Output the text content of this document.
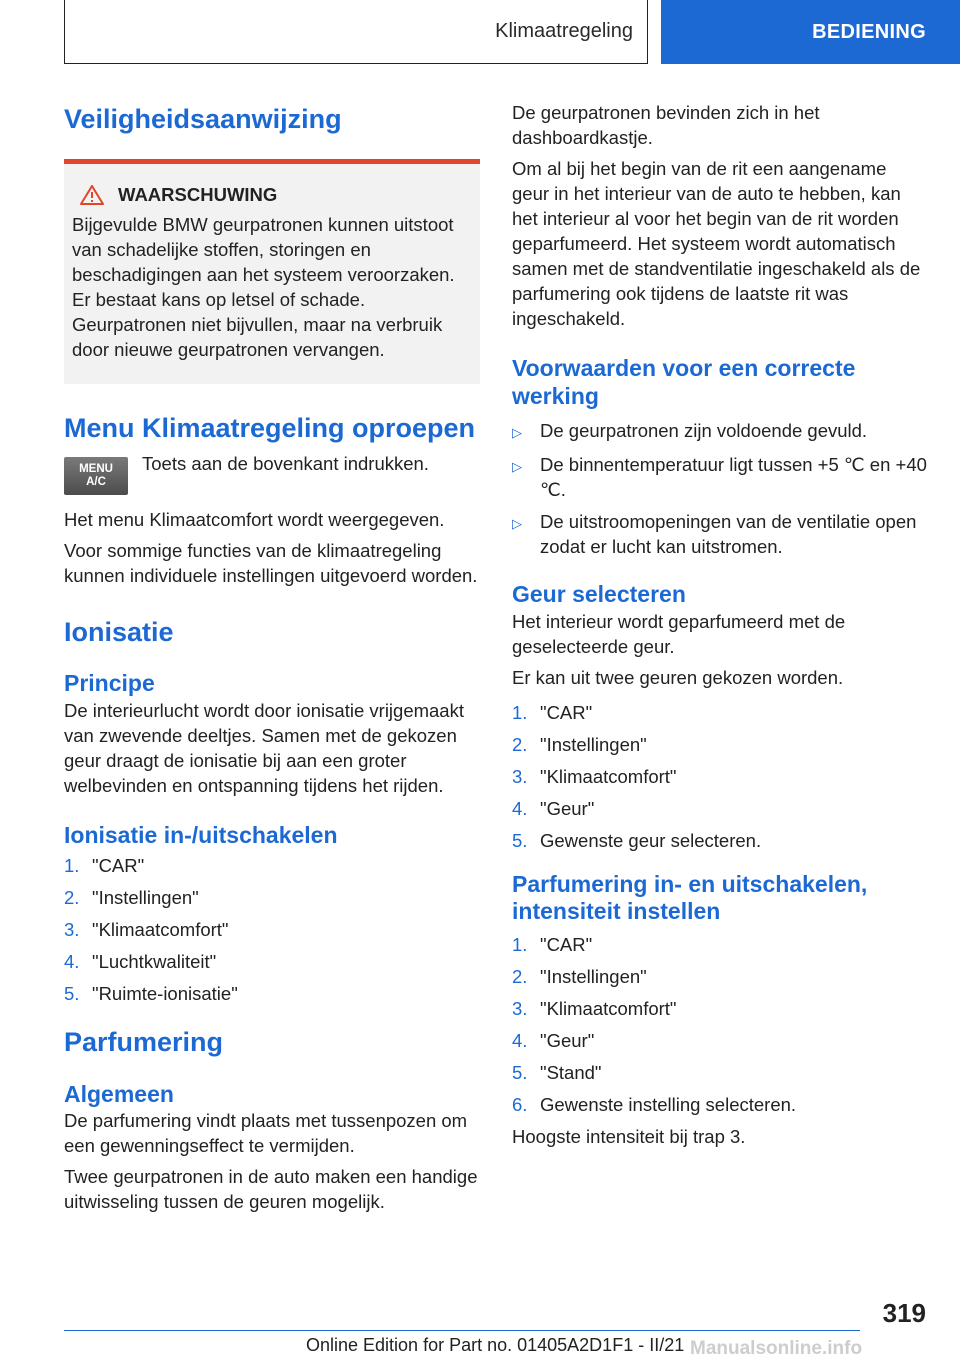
Klimaatregeling	BEDIENING
Veiligheidsaanwijzing
WAARSCHUWING

Bijgevulde BMW geurpatronen kunnen uitstoot van schadelijke stoffen, storingen en beschadigingen aan het systeem veroorzaken. Er bestaat kans op letsel of schade. Geurpatronen niet bijvullen, maar na verbruik door nieuwe geurpatronen vervangen.

Menu Klimaatregeling oproepen
MENU
A/C

Toets aan de bovenkant indrukken.

Het menu Klimaatcomfort wordt weergegeven.

Voor sommige functies van de klimaatregeling kunnen individuele instellingen uitgevoerd worden.

Ionisatie
Principe

De interieurlucht wordt door ionisatie vrijgemaakt van zwevende deeltjes. Samen met de gekozen geur draagt de ionisatie bij aan een groter welbevinden en ontspanning tijdens het rijden.

Ionisatie in-/uitschakelen
1. "CAR"
2. "Instellingen"
3. "Klimaatcomfort"
4. "Luchtkwaliteit"
5. "Ruimte-ionisatie"
Parfumering
Algemeen

De parfumering vindt plaats met tussenpozen om een gewenningseffect te vermijden.

Twee geurpatronen in de auto maken een handige uitwisseling tussen de geuren mogelijk.

De geurpatronen bevinden zich in het dashboardkastje.

Om al bij het begin van de rit een aangename geur in het interieur van de auto te hebben, kan het interieur al voor het begin van de rit worden geparfumeerd. Het systeem wordt automatisch samen met de standventilatie ingeschakeld als de parfumering ook tijdens de laatste rit was ingeschakeld.

Voorwaarden voor een correcte werking
▷ De geurpatronen zijn voldoende gevuld.
▷ De binnentemperatuur ligt tussen +5 ℃ en +40 ℃.
▷ De uitstroomopeningen van de ventilatie open zodat er lucht kan uitstromen.
Geur selecteren

Het interieur wordt geparfumeerd met de geselecteerde geur.

Er kan uit twee geuren gekozen worden.

1. "CAR"
2. "Instellingen"
3. "Klimaatcomfort"
4. "Geur"
5. Gewenste geur selecteren.
Parfumering in- en uitschakelen, intensiteit instellen
1. "CAR"
2. "Instellingen"
3. "Klimaatcomfort"
4. "Geur"
5. "Stand"
6. Gewenste instelling selecteren.

Hoogste intensiteit bij trap 3.

319
Online Edition for Part no. 01405A2D1F1 - II/21 Manualsonline.info
